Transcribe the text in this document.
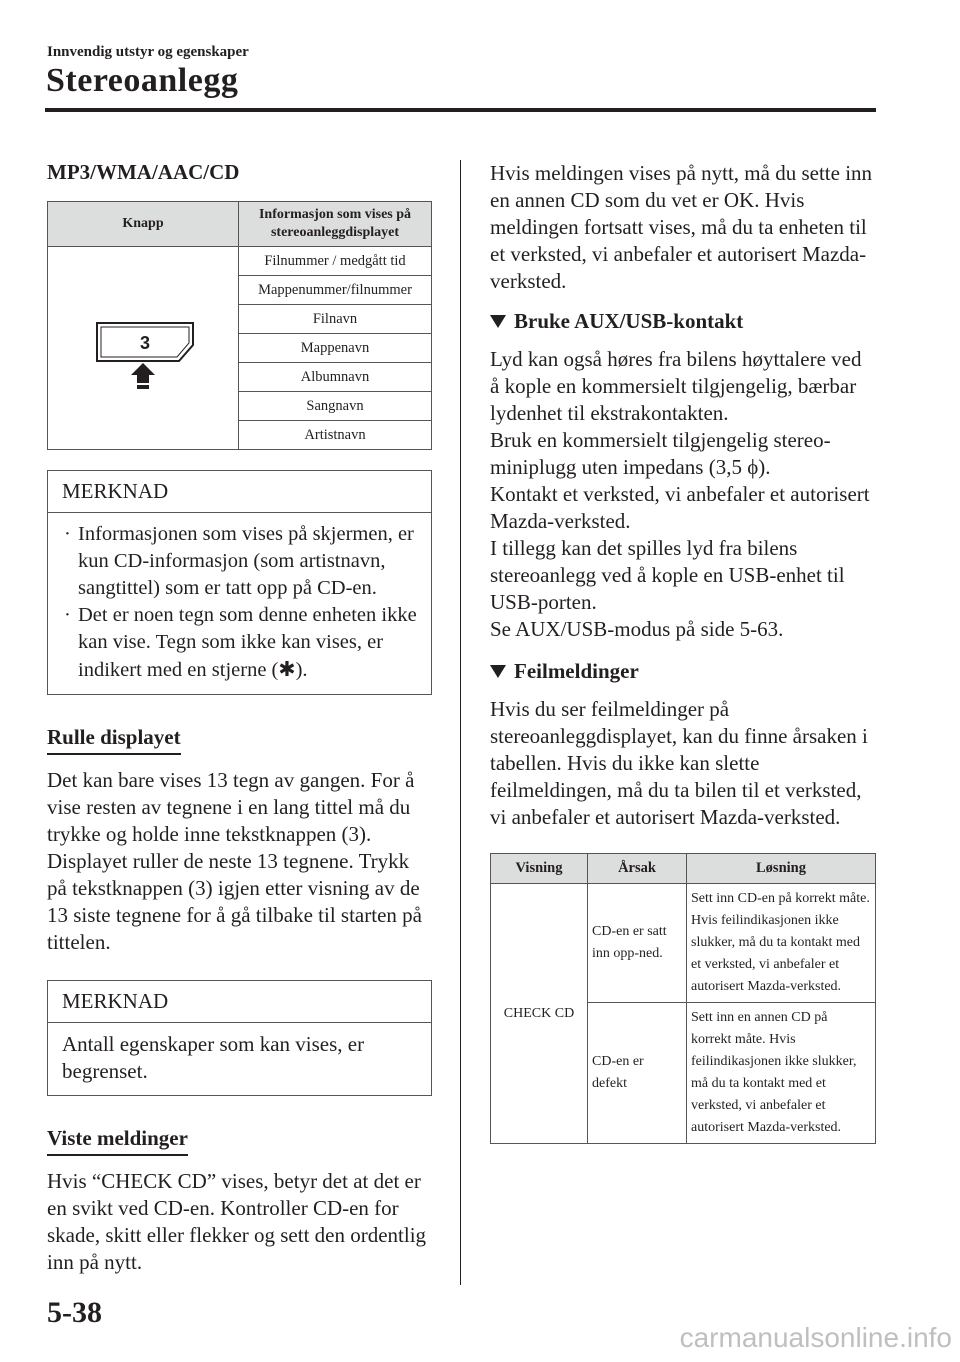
Innvendig utstyr og egenskaper
Stereoanlegg
MP3/WMA/AAC/CD
Knapp	Informasjon som vises på stereoanleggdisplayet

3	Filnummer / medgått tid
	Mappenummer/filnummer
	Filnavn
	Mappenavn
	Albumnavn
	Sangnavn
	Artistnavn
MERKNAD
· Informasjonen som vises på skjermen, er kun CD-informasjon (som artistnavn, sangtittel) som er tatt opp på CD-en.
· Det er noen tegn som denne enheten ikke kan vise. Tegn som ikke kan vises, er indikert med en stjerne (✱).
Rulle displayet

Det kan bare vises 13 tegn av gangen. For å vise resten av tegnene i en lang tittel må du trykke og holde inne tekstknappen (3). Displayet ruller de neste 13 tegnene. Trykk på tekstknappen (3) igjen etter visning av de 13 siste tegnene for å gå tilbake til starten på tittelen.

MERKNAD
Antall egenskaper som kan vises, er begrenset.
Viste meldinger

Hvis “CHECK CD” vises, betyr det at det er en svikt ved CD-en. Kontroller CD-en for skade, skitt eller flekker og sett den ordentlig inn på nytt.

Hvis meldingen vises på nytt, må du sette inn en annen CD som du vet er OK. Hvis meldingen fortsatt vises, må du ta enheten til et verksted, vi anbefaler et autorisert Mazda-verksted.

Bruke AUX/USB-kontakt

Lyd kan også høres fra bilens høyttalere ved å kople en kommersielt tilgjengelig, bærbar lydenhet til ekstrakontakten.

Bruk en kommersielt tilgjengelig stereo-miniplugg uten impedans (3,5 ϕ).

Kontakt et verksted, vi anbefaler et autorisert Mazda-verksted.

I tillegg kan det spilles lyd fra bilens stereoanlegg ved å kople en USB-enhet til USB-porten.

Se AUX/USB-modus på side 5-63.

Feilmeldinger

Hvis du ser feilmeldinger på stereoanleggdisplayet, kan du finne årsaken i tabellen. Hvis du ikke kan slette feilmeldingen, må du ta bilen til et verksted, vi anbefaler et autorisert Mazda-verksted.

Visning	Årsak	Løsning
CHECK CD	CD-en er satt inn opp-ned.	Sett inn CD-en på korrekt måte. Hvis feilindikasjonen ikke slukker, må du ta kontakt med et verksted, vi anbefaler et autorisert Mazda-verksted.
	CD-en er defekt	Sett inn en annen CD på korrekt måte. Hvis feilindikasjonen ikke slukker, må du ta kontakt med et verksted, vi anbefaler et autorisert Mazda-verksted.
5-38
carmanualsonline.info
